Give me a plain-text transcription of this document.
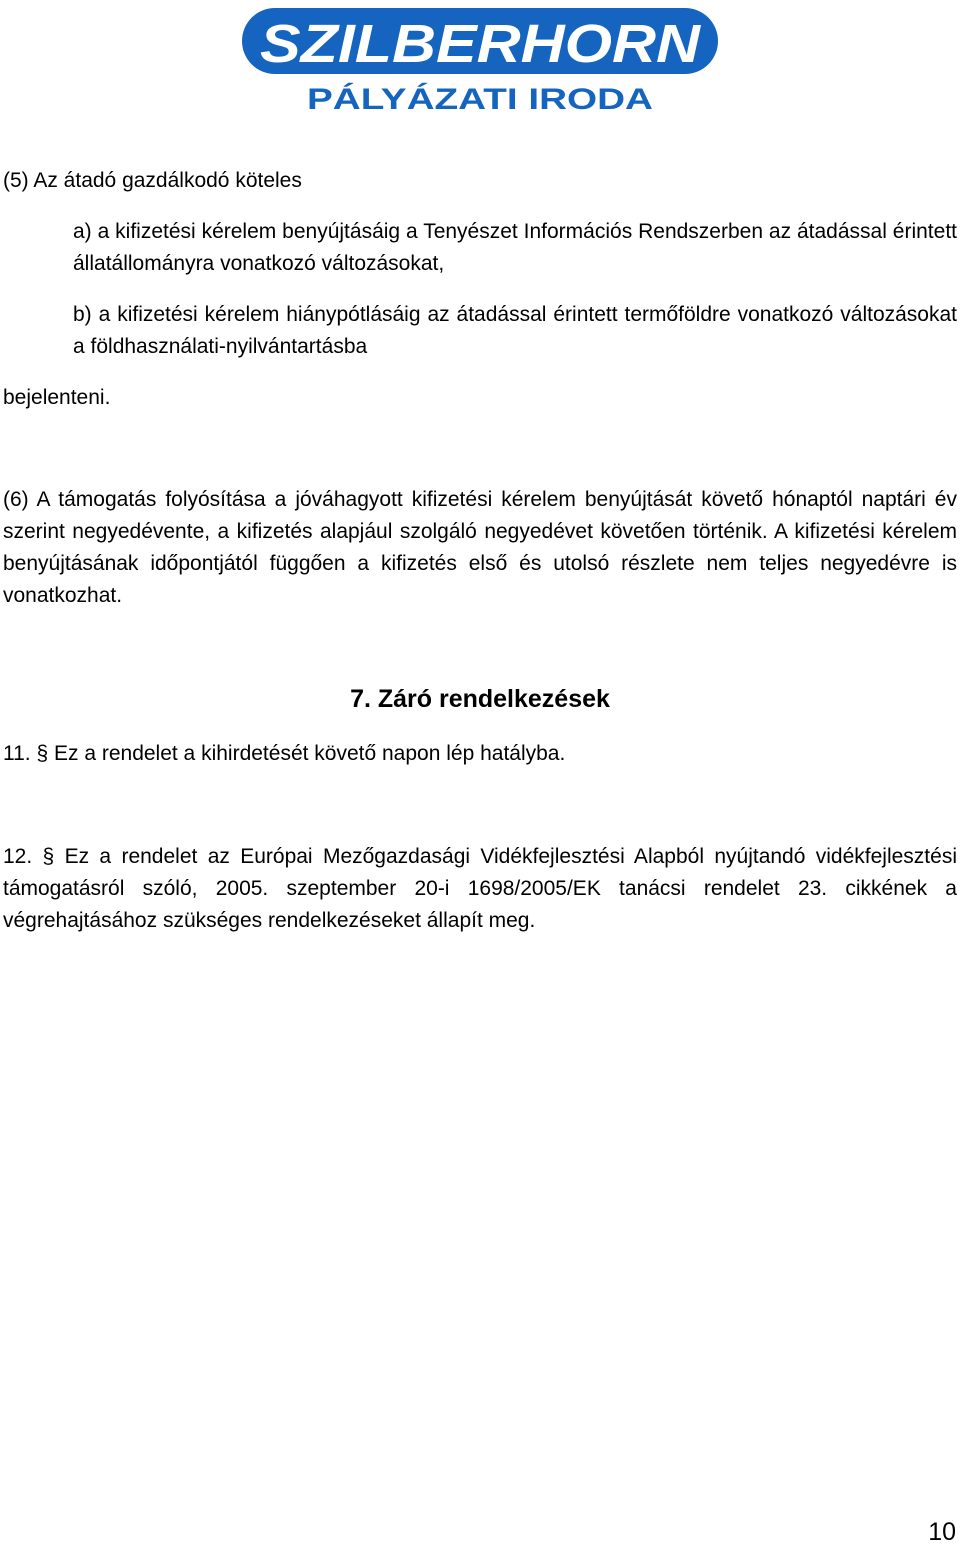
SZILBERHORN
PÁLYÁZATI IRODA

(5) Az átadó gazdálkodó köteles

a) a kifizetési kérelem benyújtásáig a Tenyészet Információs Rendszerben az átadással érintett állatállományra vonatkozó változásokat,

b) a kifizetési kérelem hiánypótlásáig az átadással érintett termőföldre vonatkozó változásokat a földhasználati-nyilvántartásba

bejelenteni.

(6) A támogatás folyósítása a jóváhagyott kifizetési kérelem benyújtását követő hónaptól naptári év szerint negyedévente, a kifizetés alapjául szolgáló negyedévet követően történik. A kifizetési kérelem benyújtásának időpontjától függően a kifizetés első és utolsó részlete nem teljes negyedévre is vonatkozhat.

7. Záró rendelkezések

11. § Ez a rendelet a kihirdetését követő napon lép hatályba.

12. § Ez a rendelet az Európai Mezőgazdasági Vidékfejlesztési Alapból nyújtandó vidékfejlesztési támogatásról szóló, 2005. szeptember 20-i 1698/2005/EK tanácsi rendelet 23. cikkének a végrehajtásához szükséges rendelkezéseket állapít meg.

10
